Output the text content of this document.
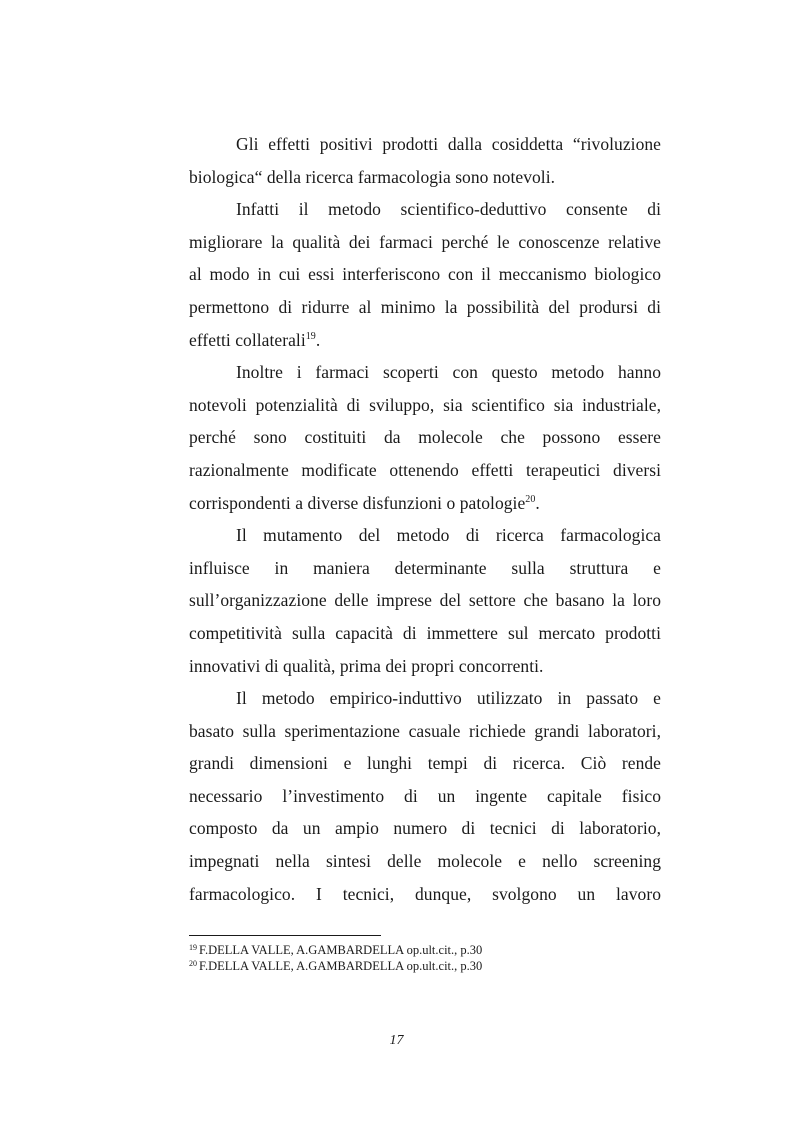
Gli effetti positivi prodotti dalla cosiddetta “rivoluzione
biologica“ della ricerca farmacologia sono notevoli.
Infatti il metodo scientifico-deduttivo consente di
migliorare la qualità dei farmaci perché le conoscenze relative
al modo in cui essi interferiscono con il meccanismo biologico
permettono di ridurre al minimo la possibilità del prodursi di
effetti collaterali$^{19}$.
Inoltre i farmaci scoperti con questo metodo hanno
notevoli potenzialità di sviluppo, sia scientifico sia industriale,
perché sono costituiti da molecole che possono essere
razionalmente modificate ottenendo effetti terapeutici diversi
corrispondenti a diverse disfunzioni o patologie$^{20}$.
Il mutamento del metodo di ricerca farmacologica
influisce in maniera determinante sulla struttura e
sull’organizzazione delle imprese del settore che basano la loro
competitività sulla capacità di immettere sul mercato prodotti
innovativi di qualità, prima dei propri concorrenti.
Il metodo empirico-induttivo utilizzato in passato e
basato sulla sperimentazione casuale richiede grandi laboratori,
grandi dimensioni e lunghi tempi di ricerca. Ciò rende
necessario l’investimento di un ingente capitale fisico
composto da un ampio numero di tecnici di laboratorio,
impegnati nella sintesi delle molecole e nello screening
farmacologico. I tecnici, dunque, svolgono un lavoro
$^{19}$ F.DELLA VALLE, A.GAMBARDELLA op.ult.cit., p.30
$^{20}$ F.DELLA VALLE, A.GAMBARDELLA op.ult.cit., p.30
17
